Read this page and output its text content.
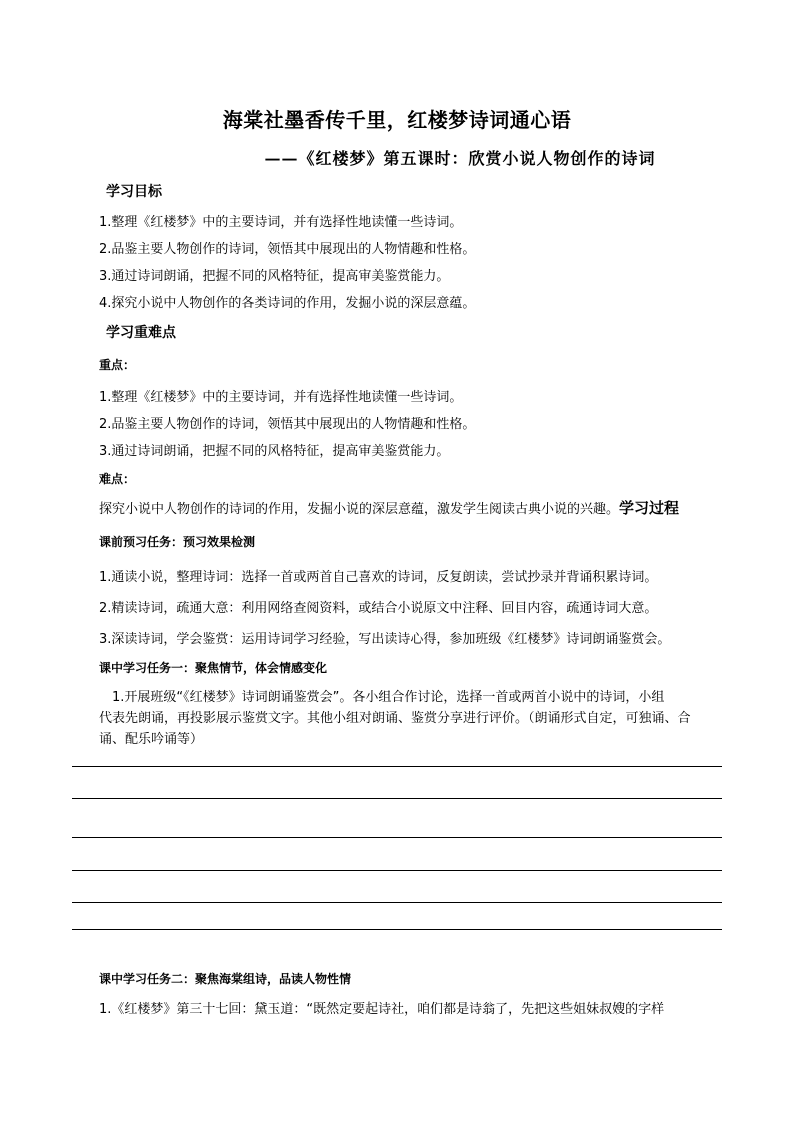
海棠社墨香传千里，红楼梦诗词通心语
——《红楼梦》第五课时：欣赏小说人物创作的诗词
学习目标
1.整理《红楼梦》中的主要诗词，并有选择性地读懂一些诗词。
2.品鉴主要人物创作的诗词，领悟其中展现出的人物情趣和性格。
3.通过诗词朗诵，把握不同的风格特征，提高审美鉴赏能力。
4.探究小说中人物创作的各类诗词的作用，发掘小说的深层意蕴。
学习重难点
重点：
1.整理《红楼梦》中的主要诗词，并有选择性地读懂一些诗词。
2.品鉴主要人物创作的诗词，领悟其中展现出的人物情趣和性格。
3.通过诗词朗诵，把握不同的风格特征，提高审美鉴赏能力。
难点：
探究小说中人物创作的诗词的作用，发掘小说的深层意蕴，激发学生阅读古典小说的兴趣。学习过程
课前预习任务：预习效果检测
1.通读小说，整理诗词：选择一首或两首自己喜欢的诗词，反复朗读，尝试抄录并背诵积累诗词。
2.精读诗词，疏通大意：利用网络查阅资料，或结合小说原文中注释、回目内容，疏通诗词大意。
3.深读诗词，学会鉴赏：运用诗词学习经验，写出读诗心得，参加班级《红楼梦》诗词朗诵鉴赏会。
课中学习任务一：聚焦情节，体会情感变化
1.开展班级“《红楼梦》诗词朗诵鉴赏会”。各小组合作讨论，选择一首或两首小说中的诗词，小组
代表先朗诵，再投影展示鉴赏文字。其他小组对朗诵、鉴赏分享进行评价。（朗诵形式自定，可独诵、合
诵、配乐吟诵等）
课中学习任务二：聚焦海棠组诗，品读人物性情
1.《红楼梦》第三十七回：黛玉道：“既然定要起诗社，咱们都是诗翁了，先把这些姐妹叔嫂的字样
